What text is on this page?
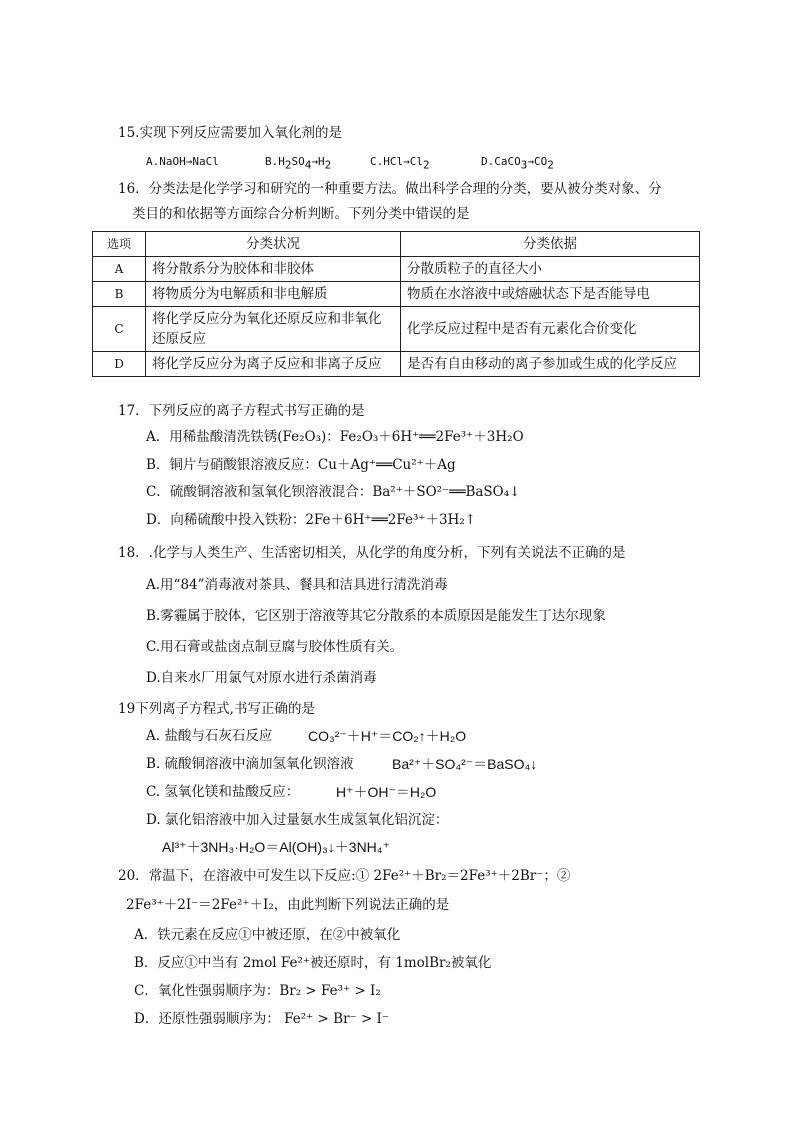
15.实现下列反应需要加入氧化剂的是
A.NaOH→NaCl	$B.H_2SO_4\to H_2$	$C.HCl\to Cl_2$	$D.CaCO_3\to CO_2$
16．分类法是化学学习和研究的一种重要方法。做出科学合理的分类，要从被分类对象、分
类目的和依据等方面综合分析判断。下列分类中错误的是
选项	分类状况	分类依据
A	将分散系分为胶体和非胶体	分散质粒子的直径大小
B	将物质分为电解质和非电解质	物质在水溶液中或熔融状态下是否能导电
C	将化学反应分为氧化还原反应和非氧化还原反应	化学反应过程中是否有元素化合价变化
D	将化学反应分为离子反应和非离子反应	是否有自由移动的离子参加或生成的化学反应
17．下列反应的离子方程式书写正确的是
A．用稀盐酸清洗铁锈(Fe₂O₃)：Fe₂O₃＋6H⁺══2Fe³⁺＋3H₂O
B．铜片与硝酸银溶液反应：Cu＋Ag⁺══Cu²⁺＋Ag
C．硫酸铜溶液和氢氧化钡溶液混合：Ba²⁺＋SO²⁻══BaSO₄↓
D．向稀硫酸中投入铁粉：2Fe＋6H⁺══2Fe³⁺＋3H₂↑
18．.化学与人类生产、生活密切相关，从化学的角度分析，下列有关说法不正确的是
A.用“84”消毒液对茶具、餐具和洁具进行清洗消毒
B.雾霾属于胶体，它区别于溶液等其它分散系的本质原因是能发生丁达尔现象
C.用石膏或盐卤点制豆腐与胶体性质有关。
D.自来水厂用氯气对原水进行杀菌消毒
19下列离子方程式,书写正确的是
A. 盐酸与石灰石反应	CO₃²⁻＋H⁺＝CO₂↑＋H₂O
B. 硫酸铜溶液中滴加氢氧化钡溶液	Ba²⁺＋SO₄²⁻＝BaSO₄↓
C. 氢氧化镁和盐酸反应：	H⁺＋OH⁻＝H₂O
D. 氯化铝溶液中加入过量氨水生成氢氧化铝沉淀：
Al³⁺＋3NH₃·H₂O＝Al(OH)₃↓＋3NH₄⁺
20．常温下，在溶液中可发生以下反应:① 2Fe²⁺＋Br₂＝2Fe³⁺＋2Br⁻；②
2Fe³⁺＋2I⁻＝2Fe²⁺＋I₂，由此判断下列说法正确的是
A．铁元素在反应①中被还原，在②中被氧化
B．反应①中当有 2mol Fe²⁺被还原时，有 1molBr₂被氧化
C．氧化性强弱顺序为：Br₂ > Fe³⁺ > I₂
D．还原性强弱顺序为： Fe²⁺ > Br⁻ > I⁻
